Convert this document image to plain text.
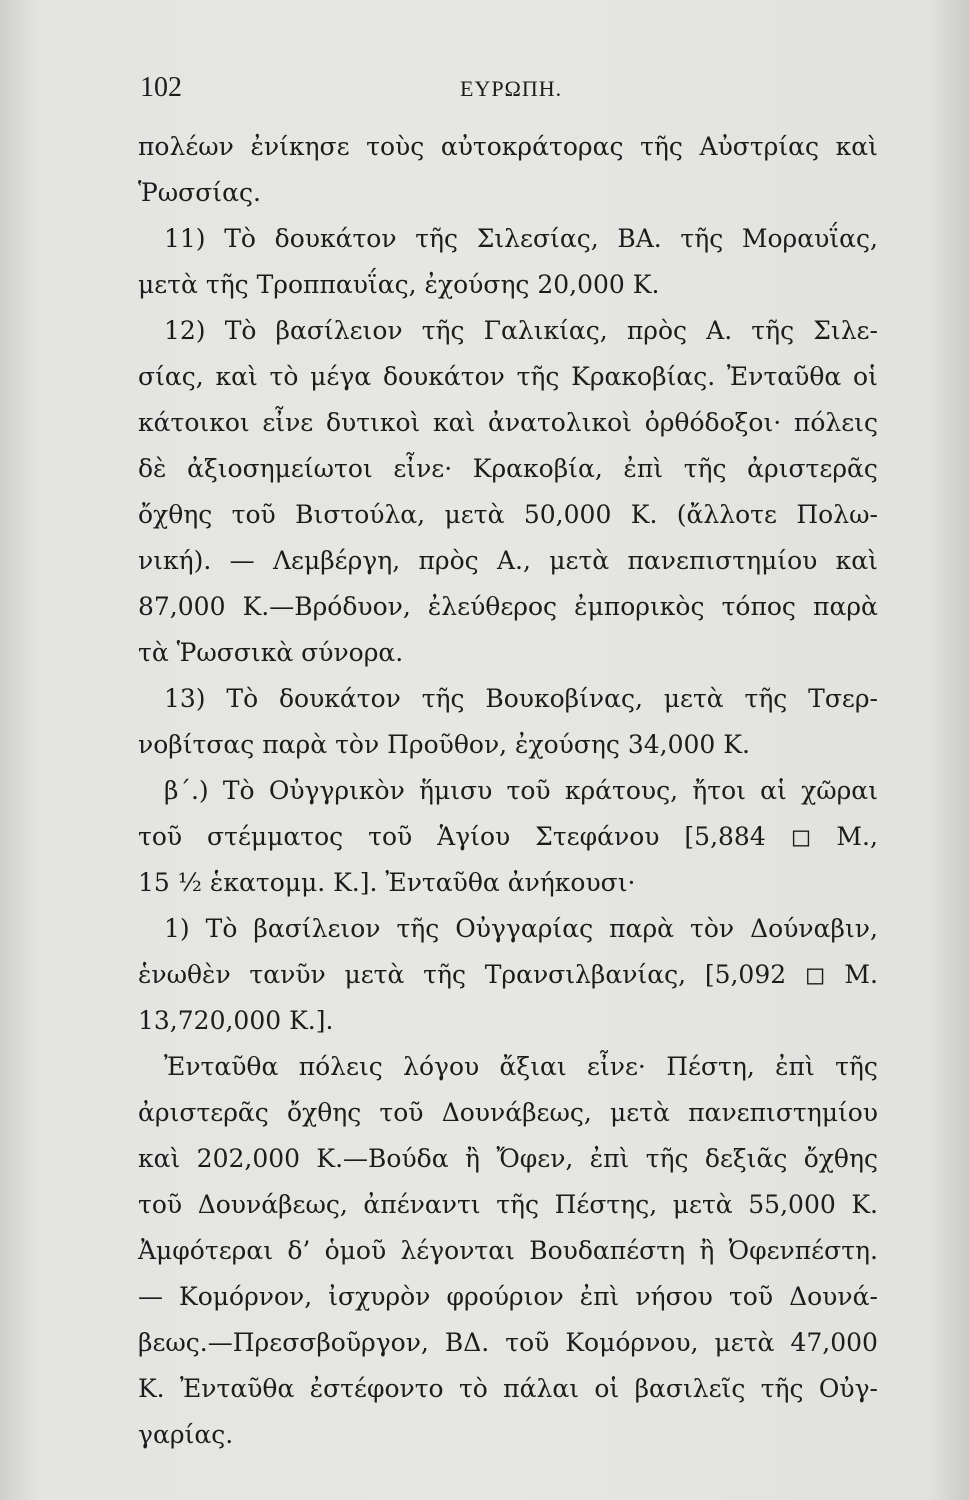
102	ΕΥΡΩΠΗ.
πολέων ἐνίκησε τοὺς αὐτοκράτορας τῆς Αὐστρίας καὶ
Ῥωσσίας.
11) Τὸ δουκάτον τῆς Σιλεσίας, ΒΑ. τῆς Μοραυΐας,
μετὰ τῆς Τροππαυΐας, ἐχούσης 20,000 Κ.
12) Τὸ βασίλειον τῆς Γαλικίας, πρὸς Α. τῆς Σιλε-
σίας, καὶ τὸ μέγα δουκάτον τῆς Κρακοβίας. Ἐνταῦθα οἱ
κάτοικοι εἶνε δυτικοὶ καὶ ἀνατολικοὶ ὀρθόδοξοι· πόλεις
δὲ ἀξιοσημείωτοι εἶνε· Κρακοβία, ἐπὶ τῆς ἀριστερᾶς
ὄχθης τοῦ Βιστούλα, μετὰ 50,000 Κ. (ἄλλοτε Πολω-
νική). — Λεμβέργη, πρὸς Α., μετὰ πανεπιστημίου καὶ
87,000 Κ.—Βρόδυον, ἐλεύθερος ἐμπορικὸς τόπος παρὰ
τὰ Ῥωσσικὰ σύνορα.
13) Τὸ δουκάτον τῆς Βουκοβίνας, μετὰ τῆς Τσερ-
νοβίτσας παρὰ τὸν Προῦθον, ἐχούσης 34,000 Κ.
β´.) Τὸ Οὐγγρικὸν ἥμισυ τοῦ κράτους, ἤτοι αἱ χῶραι
τοῦ στέμματος τοῦ Ἁγίου Στεφάνου [5,884 ◻ Μ.,
15 ½ ἑκατομμ. Κ.]. Ἐνταῦθα ἀνήκουσι·
1) Τὸ βασίλειον τῆς Οὐγγαρίας παρὰ τὸν Δούναβιν,
ἑνωθὲν τανῦν μετὰ τῆς Τρανσιλβανίας, [5,092 ◻ Μ.
13,720,000 Κ.].
Ἐνταῦθα πόλεις λόγου ἄξιαι εἶνε· Πέστη, ἐπὶ τῆς
ἀριστερᾶς ὄχθης τοῦ Δουνάβεως, μετὰ πανεπιστημίου
καὶ 202,000 Κ.—Βούδα ἢ Ὄφεν, ἐπὶ τῆς δεξιᾶς ὄχθης
τοῦ Δουνάβεως, ἀπέναντι τῆς Πέστης, μετὰ 55,000 Κ.
Ἀμφότεραι δ’ ὁμοῦ λέγονται Βουδαπέστη ἢ Ὀφενπέστη.
— Κομόρνον, ἰσχυρὸν φρούριον ἐπὶ νήσου τοῦ Δουνά-
βεως.—Πρεσσβοῦργον, ΒΔ. τοῦ Κομόρνου, μετὰ 47,000
Κ. Ἐνταῦθα ἐστέφοντο τὸ πάλαι οἱ βασιλεῖς τῆς Οὐγ-
γαρίας.
